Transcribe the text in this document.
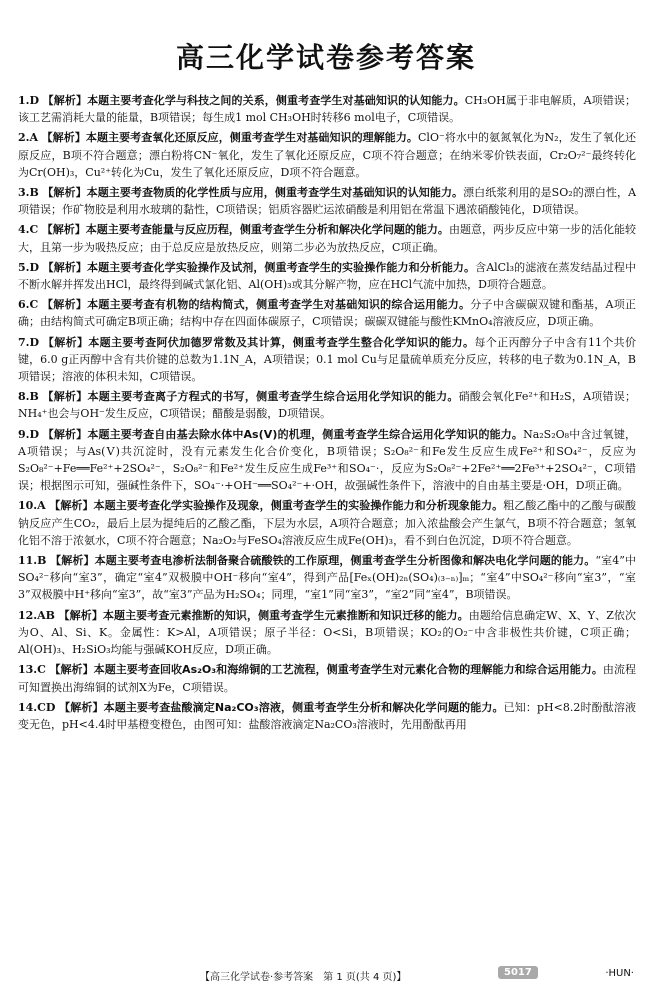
高三化学试卷参考答案

1.D 【解析】本题主要考查化学与科技之间的关系，侧重考查学生对基础知识的认知能力。CH₃OH属于非电解质，A项错误；该工艺需消耗大量的能量，B项错误；每生成1 mol CH₃OH时转移6 mol电子，C项错误。

2.A 【解析】本题主要考查氧化还原反应，侧重考查学生对基础知识的理解能力。ClO⁻将水中的氨氮氧化为N₂，发生了氧化还原反应，B项不符合题意；漂白粉将CN⁻氧化，发生了氧化还原反应，C项不符合题意；在纳米零价铁表面，Cr₂O₇²⁻最终转化为Cr(OH)₃，Cu²⁺转化为Cu，发生了氧化还原反应，D项不符合题意。

3.B 【解析】本题主要考查物质的化学性质与应用，侧重考查学生对基础知识的认知能力。漂白纸浆利用的是SO₂的漂白性，A项错误；作矿物胶是利用水玻璃的黏性，C项错误；铝质容器贮运浓硝酸是利用铝在常温下遇浓硝酸钝化，D项错误。

4.C 【解析】本题主要考查能量与反应历程，侧重考查学生分析和解决化学问题的能力。由题意，两步反应中第一步的活化能较大，且第一步为吸热反应；由于总反应是放热反应，则第二步必为放热反应，C项正确。

5.D 【解析】本题主要考查化学实验操作及试剂，侧重考查学生的实验操作能力和分析能力。含AlCl₃的滤液在蒸发结晶过程中不断水解并挥发出HCl，最终得到碱式氯化铝、Al(OH)₃或其分解产物，应在HCl气流中加热，D项符合题意。

6.C 【解析】本题主要考查有机物的结构简式，侧重考查学生对基础知识的综合运用能力。分子中含碳碳双键和酯基，A项正确；由结构简式可确定B项正确；结构中存在四面体碳原子，C项错误；碳碳双键能与酸性KMnO₄溶液反应，D项正确。

7.D 【解析】本题主要考查阿伏加德罗常数及其计算，侧重考查学生整合化学知识的能力。每个正丙醇分子中含有11个共价键，6.0 g正丙醇中含有共价键的总数为1.1N_A，A项错误；0.1 mol Cu与足量硫单质充分反应，转移的电子数为0.1N_A，B项错误；溶液的体积未知，C项错误。

8.B 【解析】本题主要考查离子方程式的书写，侧重考查学生综合运用化学知识的能力。硝酸会氧化Fe²⁺和H₂S，A项错误；NH₄⁺也会与OH⁻发生反应，C项错误；醋酸是弱酸，D项错误。

9.D 【解析】本题主要考查自由基去除水体中As(Ⅴ)的机理，侧重考查学生综合运用化学知识的能力。Na₂S₂O₈中含过氧键，A项错误；与As(Ⅴ)共沉淀时，没有元素发生化合价变化，B项错误；S₂O₈²⁻和Fe发生反应生成Fe²⁺和SO₄²⁻，反应为S₂O₈²⁻+Fe══Fe²⁺+2SO₄²⁻，S₂O₈²⁻和Fe²⁺发生反应生成Fe³⁺和SO₄⁻·，反应为S₂O₈²⁻+2Fe²⁺══2Fe³⁺+2SO₄²⁻，C项错误；根据图示可知，强碱性条件下，SO₄⁻·+OH⁻══SO₄²⁻+·OH，故强碱性条件下，溶液中的自由基主要是·OH，D项正确。

10.A 【解析】本题主要考查化学实验操作及现象，侧重考查学生的实验操作能力和分析现象能力。粗乙酸乙酯中的乙酸与碳酸钠反应产生CO₂，最后上层为提纯后的乙酸乙酯，下层为水层，A项符合题意；加入浓盐酸会产生氯气，B项不符合题意；氢氧化铝不溶于浓氨水，C项不符合题意；Na₂O₂与FeSO₄溶液反应生成Fe(OH)₃，看不到白色沉淀，D项不符合题意。

11.B 【解析】本题主要考查电渗析法制备聚合硫酸铁的工作原理，侧重考查学生分析图像和解决电化学问题的能力。“室4”中SO₄²⁻移向“室3”，确定“室4”双极膜中OH⁻移向“室4”，得到产品[Feₓ(OH)₂ₙ(SO₄)₍₃₋ₙ₎]ₘ；“室4”中SO₄²⁻移向“室3”，“室3”双极膜中H⁺移向“室3”，故“室3”产品为H₂SO₄；同理，“室1”同“室3”，“室2”同“室4”，B项错误。

12.AB 【解析】本题主要考查元素推断的知识，侧重考查学生元素推断和知识迁移的能力。由题给信息确定W、X、Y、Z依次为O、Al、Si、K。金属性：K>Al，A项错误；原子半径：O<Si，B项错误；KO₂的O₂⁻中含非极性共价键，C项正确；Al(OH)₃、H₂SiO₃均能与强碱KOH反应，D项正确。

13.C 【解析】本题主要考查回收As₂O₃和海绵铜的工艺流程，侧重考查学生对元素化合物的理解能力和综合运用能力。由流程可知置换出海绵铜的试剂X为Fe，C项错误。

14.CD 【解析】本题主要考查盐酸滴定Na₂CO₃溶液，侧重考查学生分析和解决化学问题的能力。已知：pH<8.2时酚酞溶液变无色，pH<4.4时甲基橙变橙色，由图可知：盐酸溶液滴定Na₂CO₃溶液时，先用酚酞再用

【高三化学试卷·参考答案　第 1 页(共 4 页)】	5017	·HUN·
